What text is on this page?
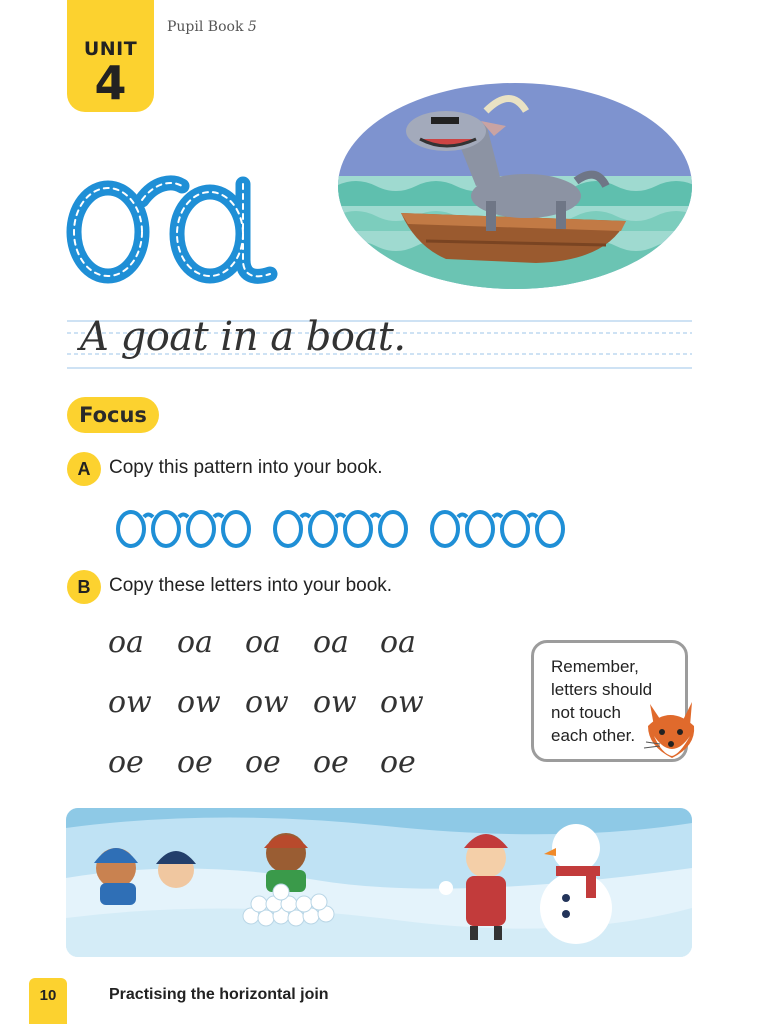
UNIT
4
Pupil Book 5
A goat in a boat.
Focus
A Copy this pattern into your book.
B Copy these letters into your book.
oa oa oa oa oa
ow ow ow ow ow
oe oe oe oe oe
Remember,
letters should
not touch
each other.
10	Practising the horizontal join
